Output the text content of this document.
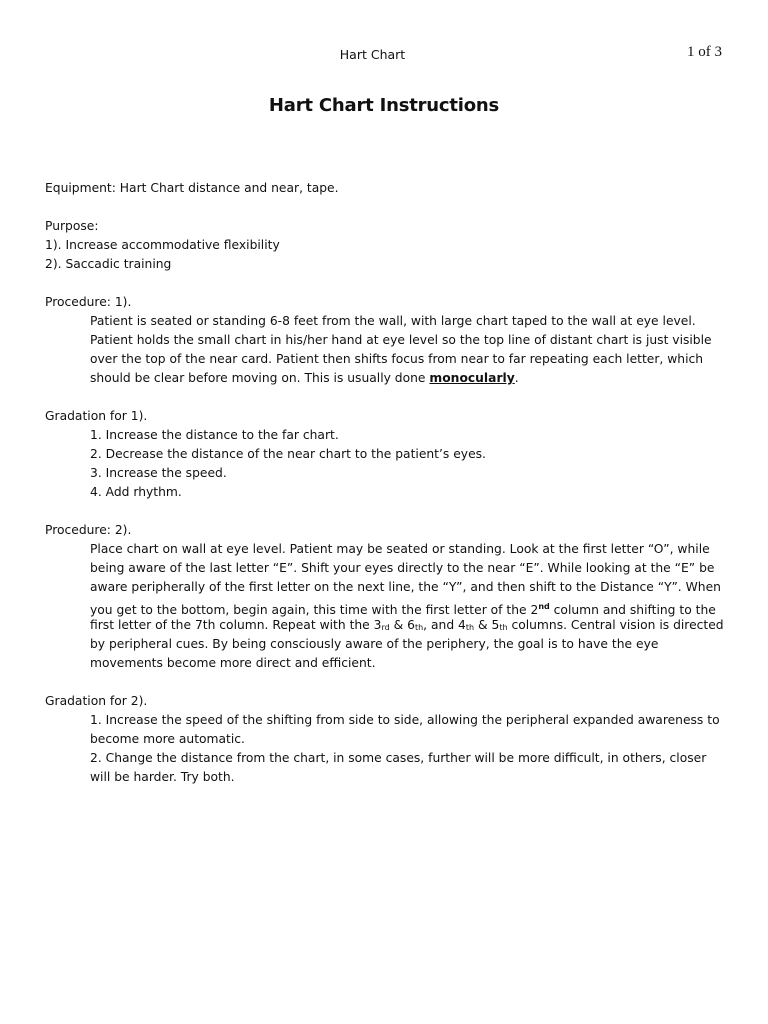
Hart Chart	1 of 3
Hart Chart Instructions
Equipment: Hart Chart distance and near, tape.
Purpose:
1). Increase accommodative flexibility
2). Saccadic training
Procedure: 1).
Patient is seated or standing 6-8 feet from the wall, with large chart taped to the wall at eye level.
Patient holds the small chart in his/her hand at eye level so the top line of distant chart is just visible
over the top of the near card. Patient then shifts focus from near to far repeating each letter, which
should be clear before moving on. This is usually done monocularly.
Gradation for 1).
1. Increase the distance to the far chart.
2. Decrease the distance of the near chart to the patient’s eyes.
3. Increase the speed.
4. Add rhythm.
Procedure: 2).
Place chart on wall at eye level. Patient may be seated or standing. Look at the first letter “O”, while
being aware of the last letter “E”. Shift your eyes directly to the near “E”. While looking at the “E” be
aware peripherally of the first letter on the next line, the “Y”, and then shift to the Distance “Y”. When
you get to the bottom, begin again, this time with the first letter of the 2nd column and shifting to the
first letter of the 7th column. Repeat with the 3rd & 6th, and 4th & 5th columns. Central vision is directed
by peripheral cues. By being consciously aware of the periphery, the goal is to have the eye
movements become more direct and efficient.
Gradation for 2).
1. Increase the speed of the shifting from side to side, allowing the peripheral expanded awareness to
become more automatic.
2. Change the distance from the chart, in some cases, further will be more difficult, in others, closer
will be harder. Try both.
